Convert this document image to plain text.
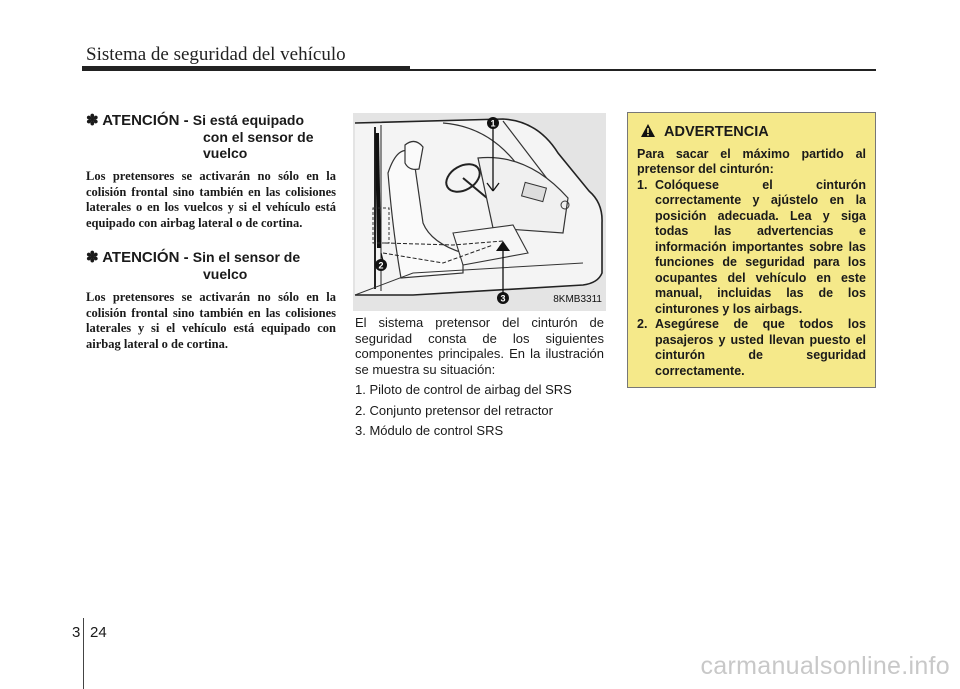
Sistema de seguridad del vehículo
✽ ATENCIÓN - Si está equipado
con el sensor de
vuelco

Los pretensores se activarán no sólo en la colisión frontal sino también en las colisiones laterales o en los vuelcos y si el vehículo está equipado con airbag lateral o de cortina.

✽ ATENCIÓN - Sin el sensor de
vuelco

Los pretensores se activarán no sólo en la colisión frontal sino también en las colisiones laterales y si el vehículo está equipado con airbag lateral o de cortina.

1
2
3	8KMB3311

El sistema pretensor del cinturón de seguridad consta de los siguientes componentes principales. En la ilustración se muestra su situación:

1. Piloto de control de airbag del SRS
2. Conjunto pretensor del retractor
3. Módulo de control SRS
ADVERTENCIA
Para sacar el máximo partido al pretensor del cinturón:
1. Colóquese el cinturón correctamente y ajústelo en la posición adecuada. Lea y siga todas las advertencias e información importantes sobre las funciones de seguridad para los ocupantes del vehículo en este manual, incluidas las de los cinturones y los airbags.
2. Asegúrese de que todos los pasajeros y usted llevan puesto el cinturón de seguridad correctamente.
3 24
carmanualsonline.info
